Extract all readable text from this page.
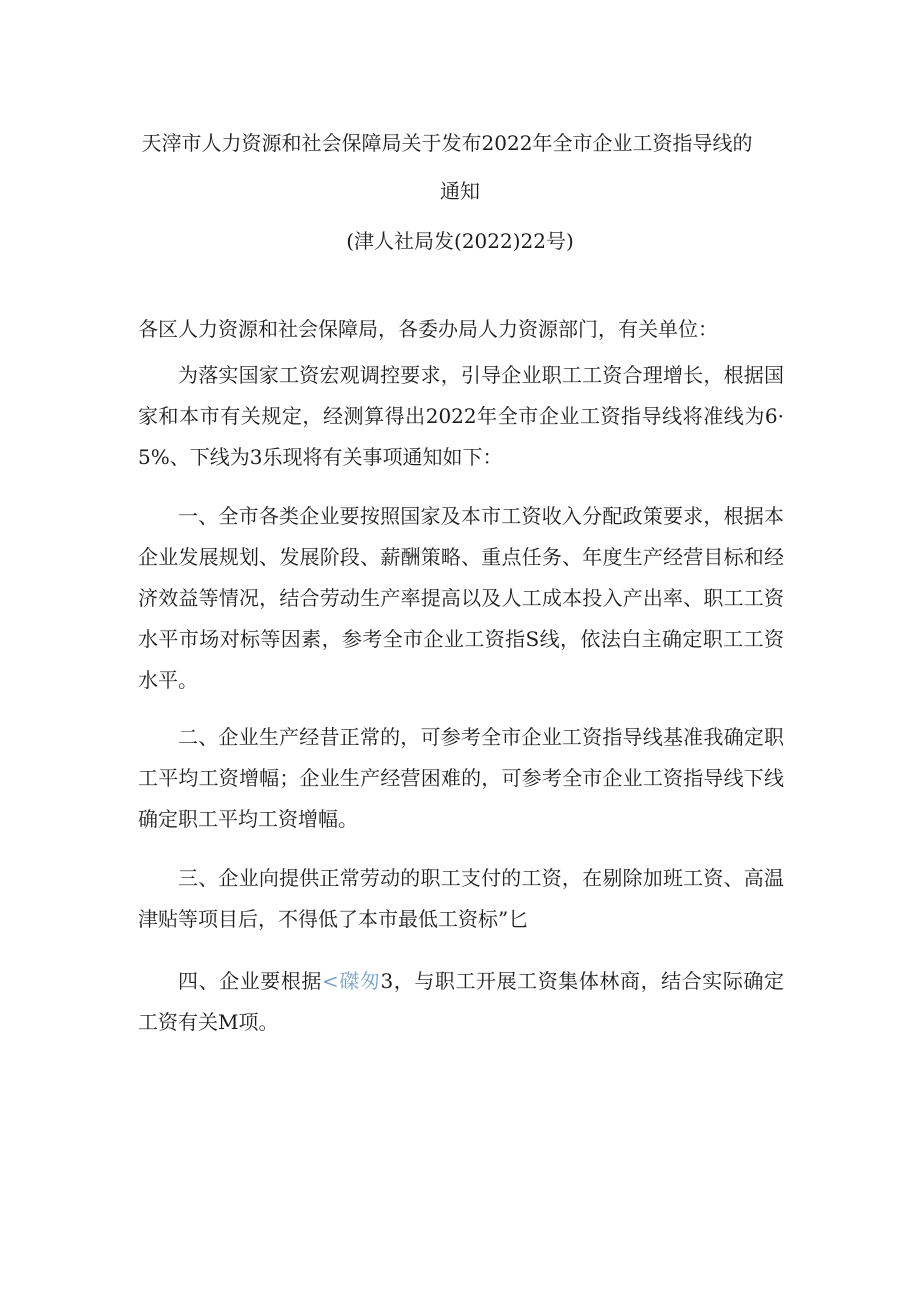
天滓市人力资源和社会保障局关于发布2022年全市企业工资指导线的
通知
(津人社局发(2022)22号)
各区人力资源和社会保障局，各委办局人力资源部门，有关单位：

为落实国家工资宏观调控要求，引导企业职工工资合理增长，根据国家和本市有关规定，经测算得出2022年全市企业工资指导线将准线为6·5%、下线为3乐现将有关事项通知如下：

一、全市各类企业要按照国家及本市工资收入分配政策要求，根据本企业发展规划、发展阶段、薪酬策略、重点任务、年度生产经营目标和经济效益等情况，结合劳动生产率提高以及人工成本投入产出率、职工工资水平市场对标等因素，参考全市企业工资指S线，依法白主确定职工工资水平。

二、企业生产经昔正常的，可参考全市企业工资指导线基准我确定职工平均工资增幅；企业生产经营困难的，可参考全市企业工资指导线下线确定职工平均工资增幅。

三、企业向提供正常劳动的职工支付的工资，在剔除加班工资、高温津贴等项目后，不得低了本市最低工资标”匕

四、企业要根据<磔匆3，与职工开展工资集体林商，结合实际确定工资有关M项。
